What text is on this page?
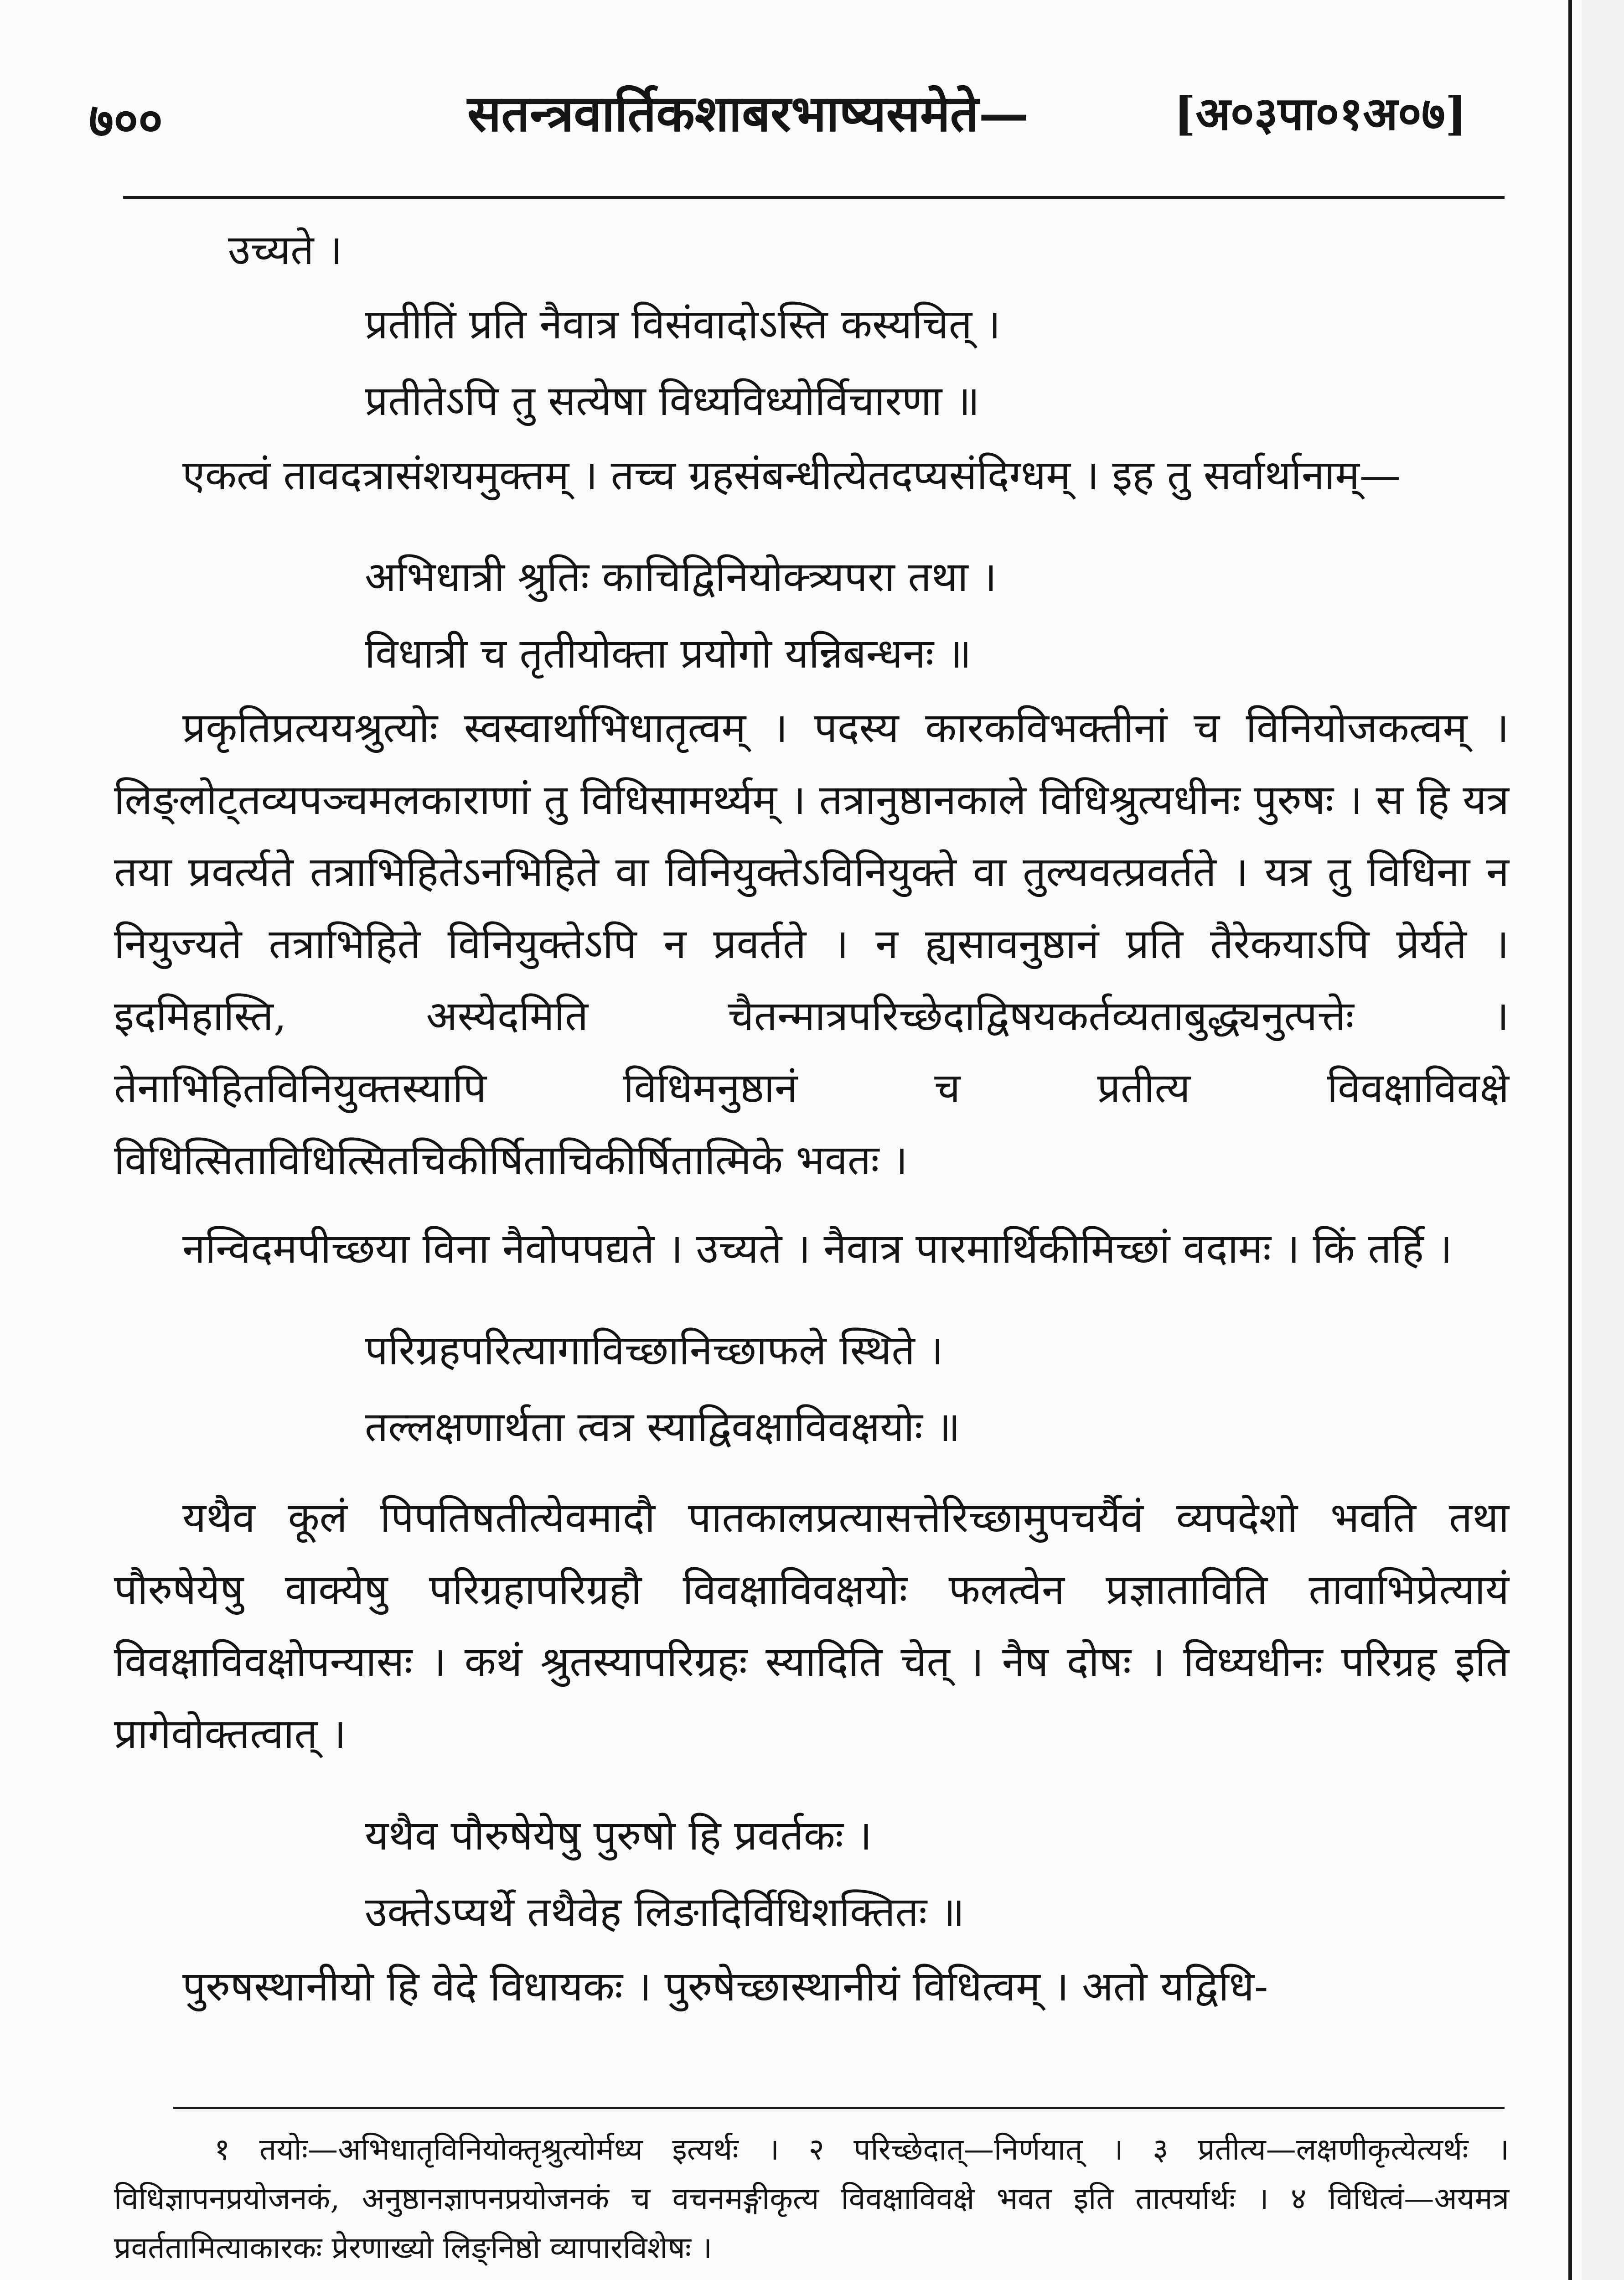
७००	सतन्त्रवार्तिकशाबरभाष्यसमेते—	[अ०३पा०१अ०७]

उच्यते ।

प्रतीतिं प्रति नैवात्र विसंवादोऽस्ति कस्यचित् ।

प्रतीतेऽपि तु सत्येषा विध्यविध्योर्विचारणा ॥

एकत्वं तावदत्रासंशयमुक्तम् । तच्च ग्रहसंबन्धीत्येतदप्यसंदिग्धम् । इह तु सर्वार्थानाम्—

अभिधात्री श्रुतिः काचिद्विनियोक्त्र्यपरा तथा ।

विधात्री च तृतीयोक्ता प्रयोगो यन्निबन्धनः ॥

प्रकृतिप्रत्ययश्रुत्योः स्वस्वार्थाभिधातृत्वम् । पदस्य कारकविभक्तीनां च विनियोजकत्वम् । लिङ्लोट्तव्यपञ्चमलकाराणां तु विधिसामर्थ्यम् । तत्रानुष्ठानकाले विधिश्रुत्यधीनः पुरुषः । स हि यत्र तया प्रवर्त्यते तत्राभिहितेऽनभिहिते वा विनियुक्तेऽविनियुक्ते वा तुल्यवत्प्रवर्तते । यत्र तु विधिना न नियुज्यते तत्राभिहिते विनियुक्तेऽपि न प्रवर्तते । न ह्यसावनुष्ठानं प्रति तैरेकयाऽपि प्रेर्यते । इदमिहास्ति, अस्येदमिति चैतन्मात्रपरिच्छेदाद्विषयकर्तव्यताबुद्ध्यनुत्पत्तेः । तेनाभिहितविनियुक्तस्यापि विधिमनुष्ठानं च प्रतीत्य विवक्षाविवक्षे विधित्सिताविधित्सितचिकीर्षिताचिकीर्षितात्मिके भवतः ।

नन्विदमपीच्छया विना नैवोपपद्यते । उच्यते । नैवात्र पारमार्थिकीमिच्छां वदामः । किं तर्हि ।

परिग्रहपरित्यागाविच्छानिच्छाफले स्थिते ।

तल्लक्षणार्थता त्वत्र स्याद्विवक्षाविवक्षयोः ॥

यथैव कूलं पिपतिषतीत्येवमादौ पातकालप्रत्यासत्तेरिच्छामुपचर्यैवं व्यपदेशो भवति तथा पौरुषेयेषु वाक्येषु परिग्रहापरिग्रहौ विवक्षाविवक्षयोः फलत्वेन प्रज्ञाताविति तावाभिप्रेत्यायं विवक्षाविवक्षोपन्यासः । कथं श्रुतस्यापरिग्रहः स्यादिति चेत् । नैष दोषः । विध्यधीनः परिग्रह इति प्रागेवोक्तत्वात् ।

यथैव पौरुषेयेषु पुरुषो हि प्रवर्तकः ।

उक्तेऽप्यर्थे तथैवेह लिङादिर्विधिशक्तितः ॥

पुरुषस्थानीयो हि वेदे विधायकः । पुरुषेच्छास्थानीयं विधित्वम् । अतो यद्विधि-

१ तयोः—अभिधातृविनियोक्तृश्रुत्योर्मध्य इत्यर्थः । २ परिच्छेदात्—निर्णयात् । ३ प्रतीत्य—लक्षणीकृत्येत्यर्थः । विधिज्ञापनप्रयोजनकं, अनुष्ठानज्ञापनप्रयोजनकं च वचनमङ्गीकृत्य विवक्षाविवक्षे भवत इति तात्पर्यार्थः । ४ विधित्वं—अयमत्र प्रवर्ततामित्याकारकः प्रेरणाख्यो लिङ्निष्ठो व्यापारविशेषः ।
